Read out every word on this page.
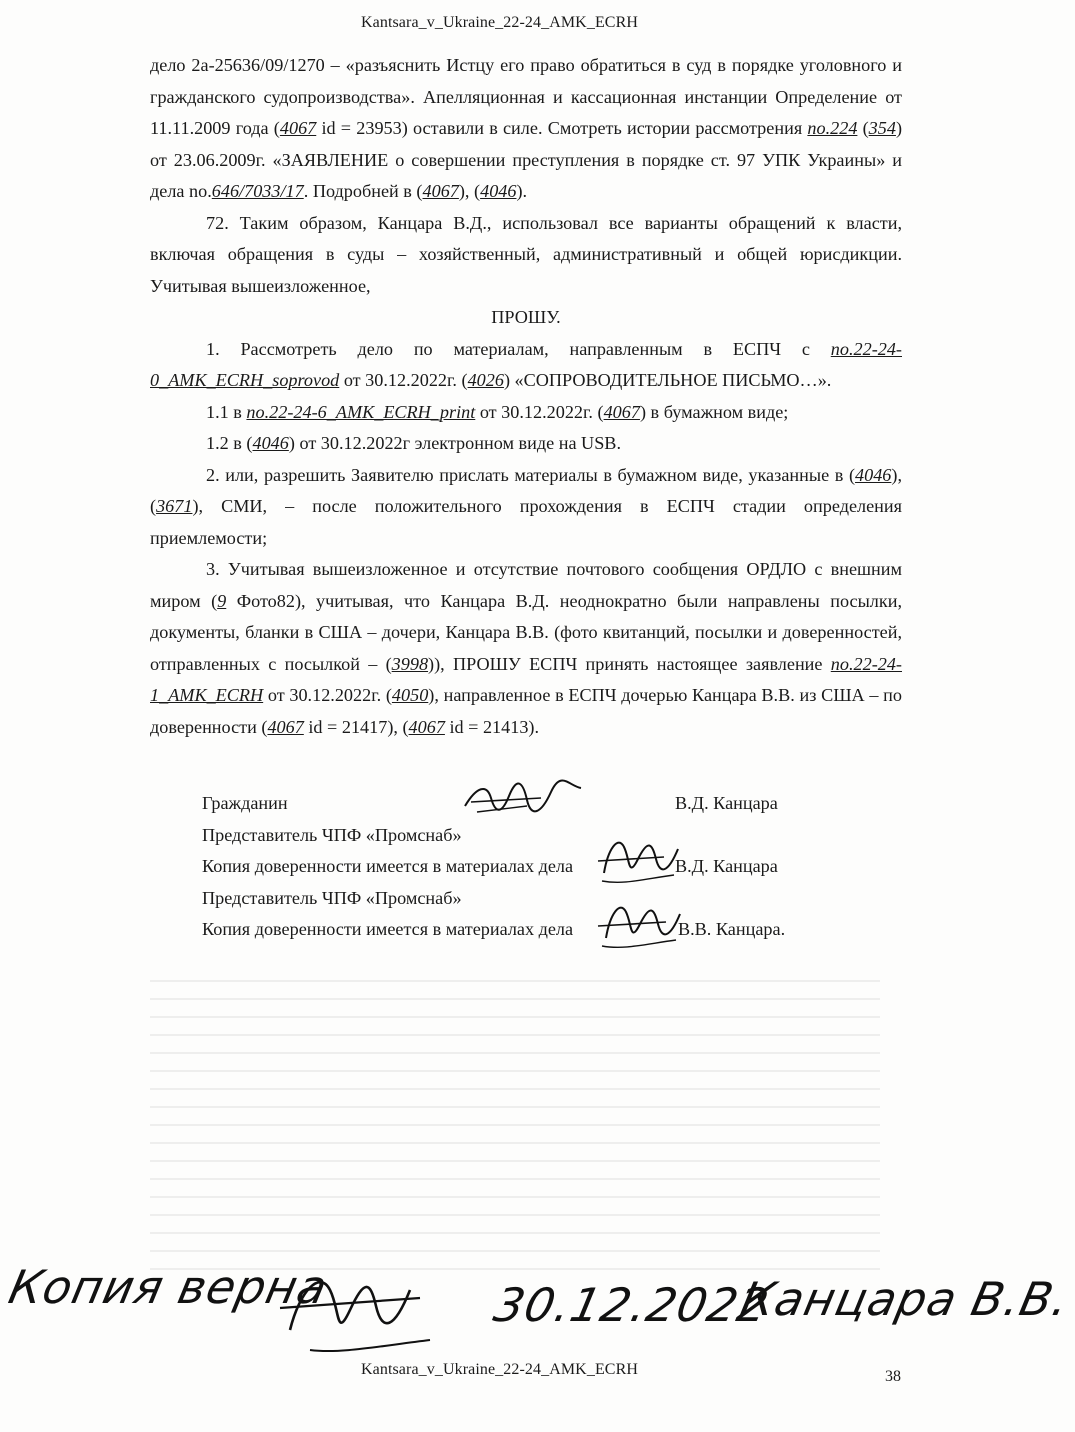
Kantsara_v_Ukraine_22-24_AMK_ECRH

дело 2а-25636/09/1270 – «разъяснить Истцу его право обратиться в суд в порядке уголовного и гражданского судопроизводства». Апелляционная и кассационная инстанции Определение от 11.11.2009 года (4067 id = 23953) оставили в силе. Смотреть истории рассмотрения no.224 (354) от 23.06.2009г. «ЗАЯВЛЕНИЕ о совершении преступления в порядке ст. 97 УПК Украины» и дела no.646/7033/17. Подробней в (4067), (4046).

72. Таким образом, Канцара В.Д., использовал все варианты обращений к власти, включая обращения в суды – хозяйственный, административный и общей юрисдикции. Учитывая вышеизложенное,

ПРОШУ.

1. Рассмотреть дело по материалам, направленным в ЕСПЧ с no.22-24-0_AMK_ECRH_soprovod от 30.12.2022г. (4026) «СОПРОВОДИТЕЛЬНОЕ ПИСЬМО…».

1.1 в no.22-24-6_AMK_ECRH_print от 30.12.2022г. (4067) в бумажном виде;

1.2 в (4046) от 30.12.2022г электронном виде на USB.

2. или, разрешить Заявителю прислать материалы в бумажном виде, указанные в (4046), (3671), СМИ, – после положительного прохождения в ЕСПЧ стадии определения приемлемости;

3. Учитывая вышеизложенное и отсутствие почтового сообщения ОРДЛО с внешним миром (9 Фото82), учитывая, что Канцара В.Д. неоднократно были направлены посылки, документы, бланки в США – дочери, Канцара В.В. (фото квитанций, посылки и доверенностей, отправленных с посылкой – (3998)), ПРОШУ ЕСПЧ принять настоящее заявление no.22-24-1_AMK_ECRH от 30.12.2022г. (4050), направленное в ЕСПЧ дочерью Канцара В.В. из США – по доверенности (4067 id = 21417), (4067 id = 21413).

Гражданин	В.Д. Канцара
Представитель ЧПФ «Промснаб»
Копия доверенности имеется в материалах дела	В.Д. Канцара
Представитель ЧПФ «Промснаб»
Копия доверенности имеется в материалах дела	В.В. Канцара.
Копия верна	30.12.2022
Канцара В.В.
Kantsara_v_Ukraine_22-24_AMK_ECRH	38
